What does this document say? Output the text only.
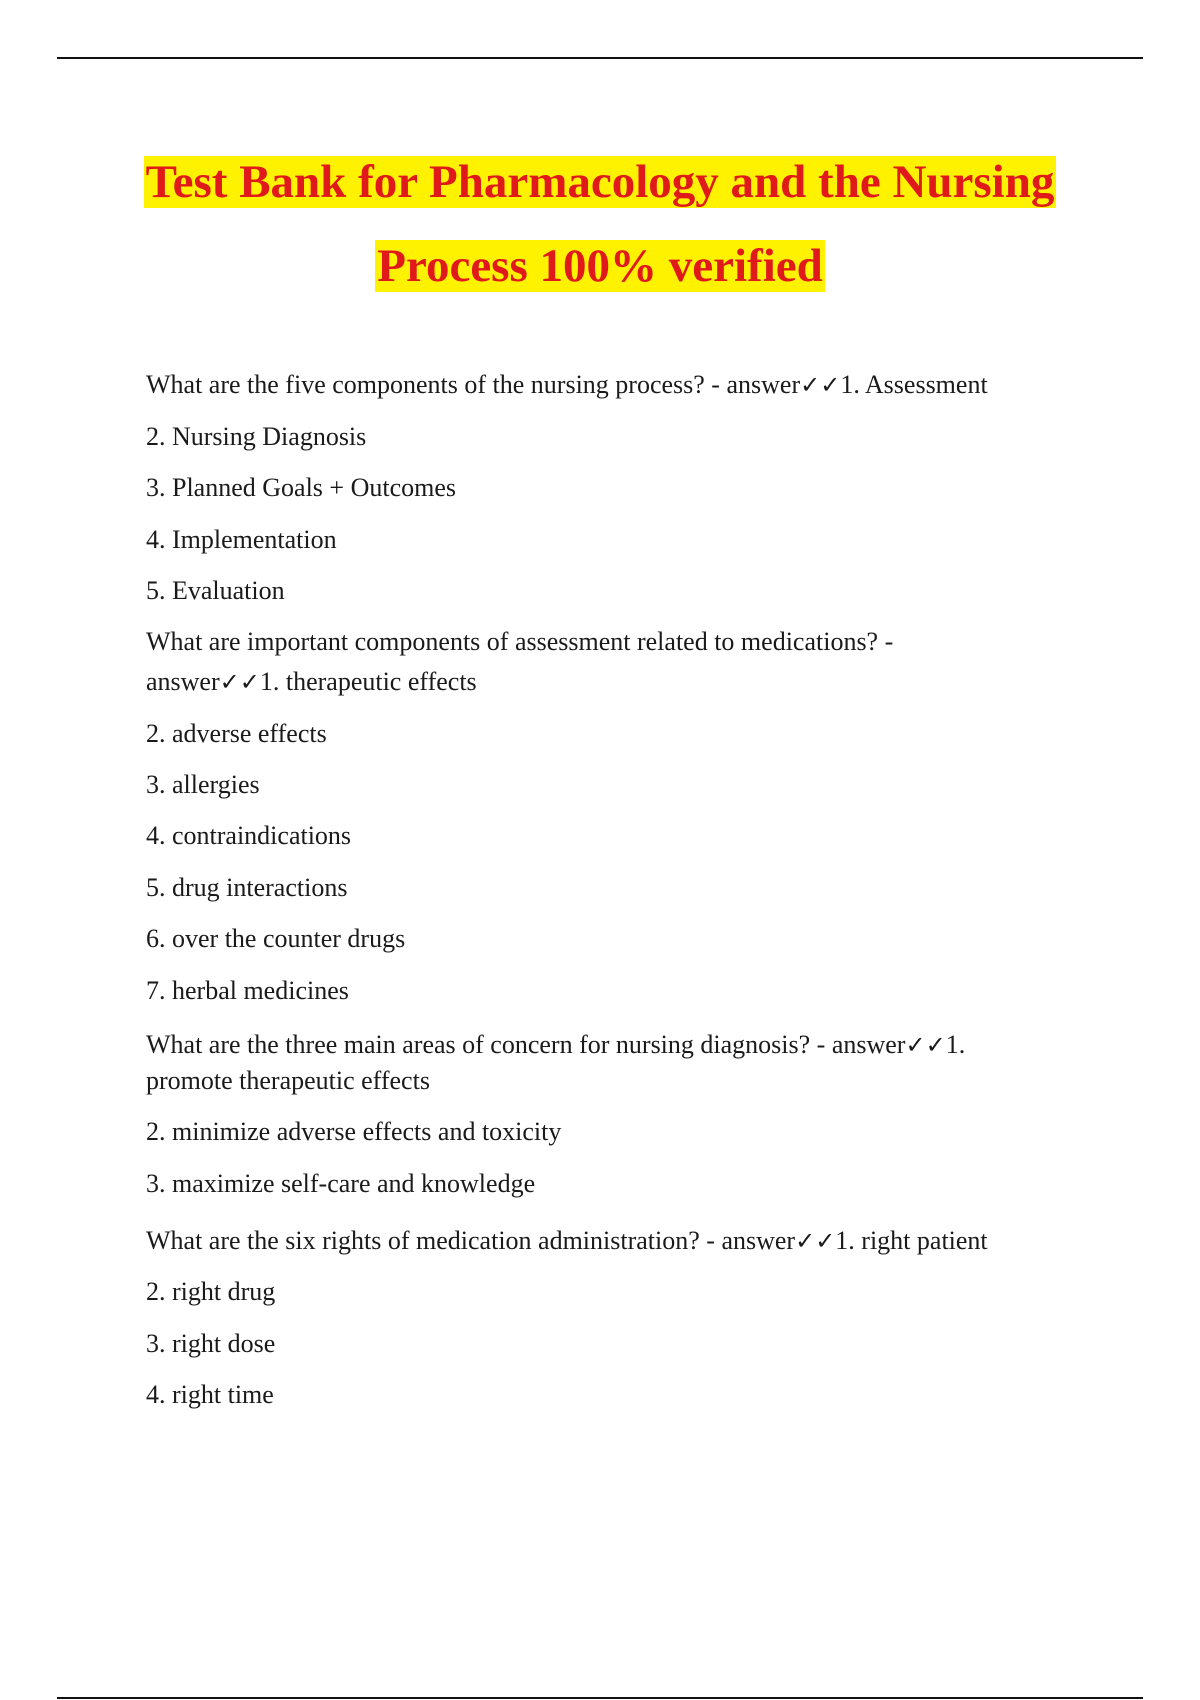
Test Bank for Pharmacology and the Nursing
Process 100% verified

What are the five components of the nursing process? - answer✓✓1. Assessment

2. Nursing Diagnosis

3. Planned Goals + Outcomes

4. Implementation

5. Evaluation

What are important components of assessment related to medications? -

answer✓✓1. therapeutic effects

2. adverse effects

3. allergies

4. contraindications

5. drug interactions

6. over the counter drugs

7. herbal medicines

What are the three main areas of concern for nursing diagnosis? - answer✓✓1.

promote therapeutic effects

2. minimize adverse effects and toxicity

3. maximize self-care and knowledge

What are the six rights of medication administration? - answer✓✓1. right patient

2. right drug

3. right dose

4. right time
